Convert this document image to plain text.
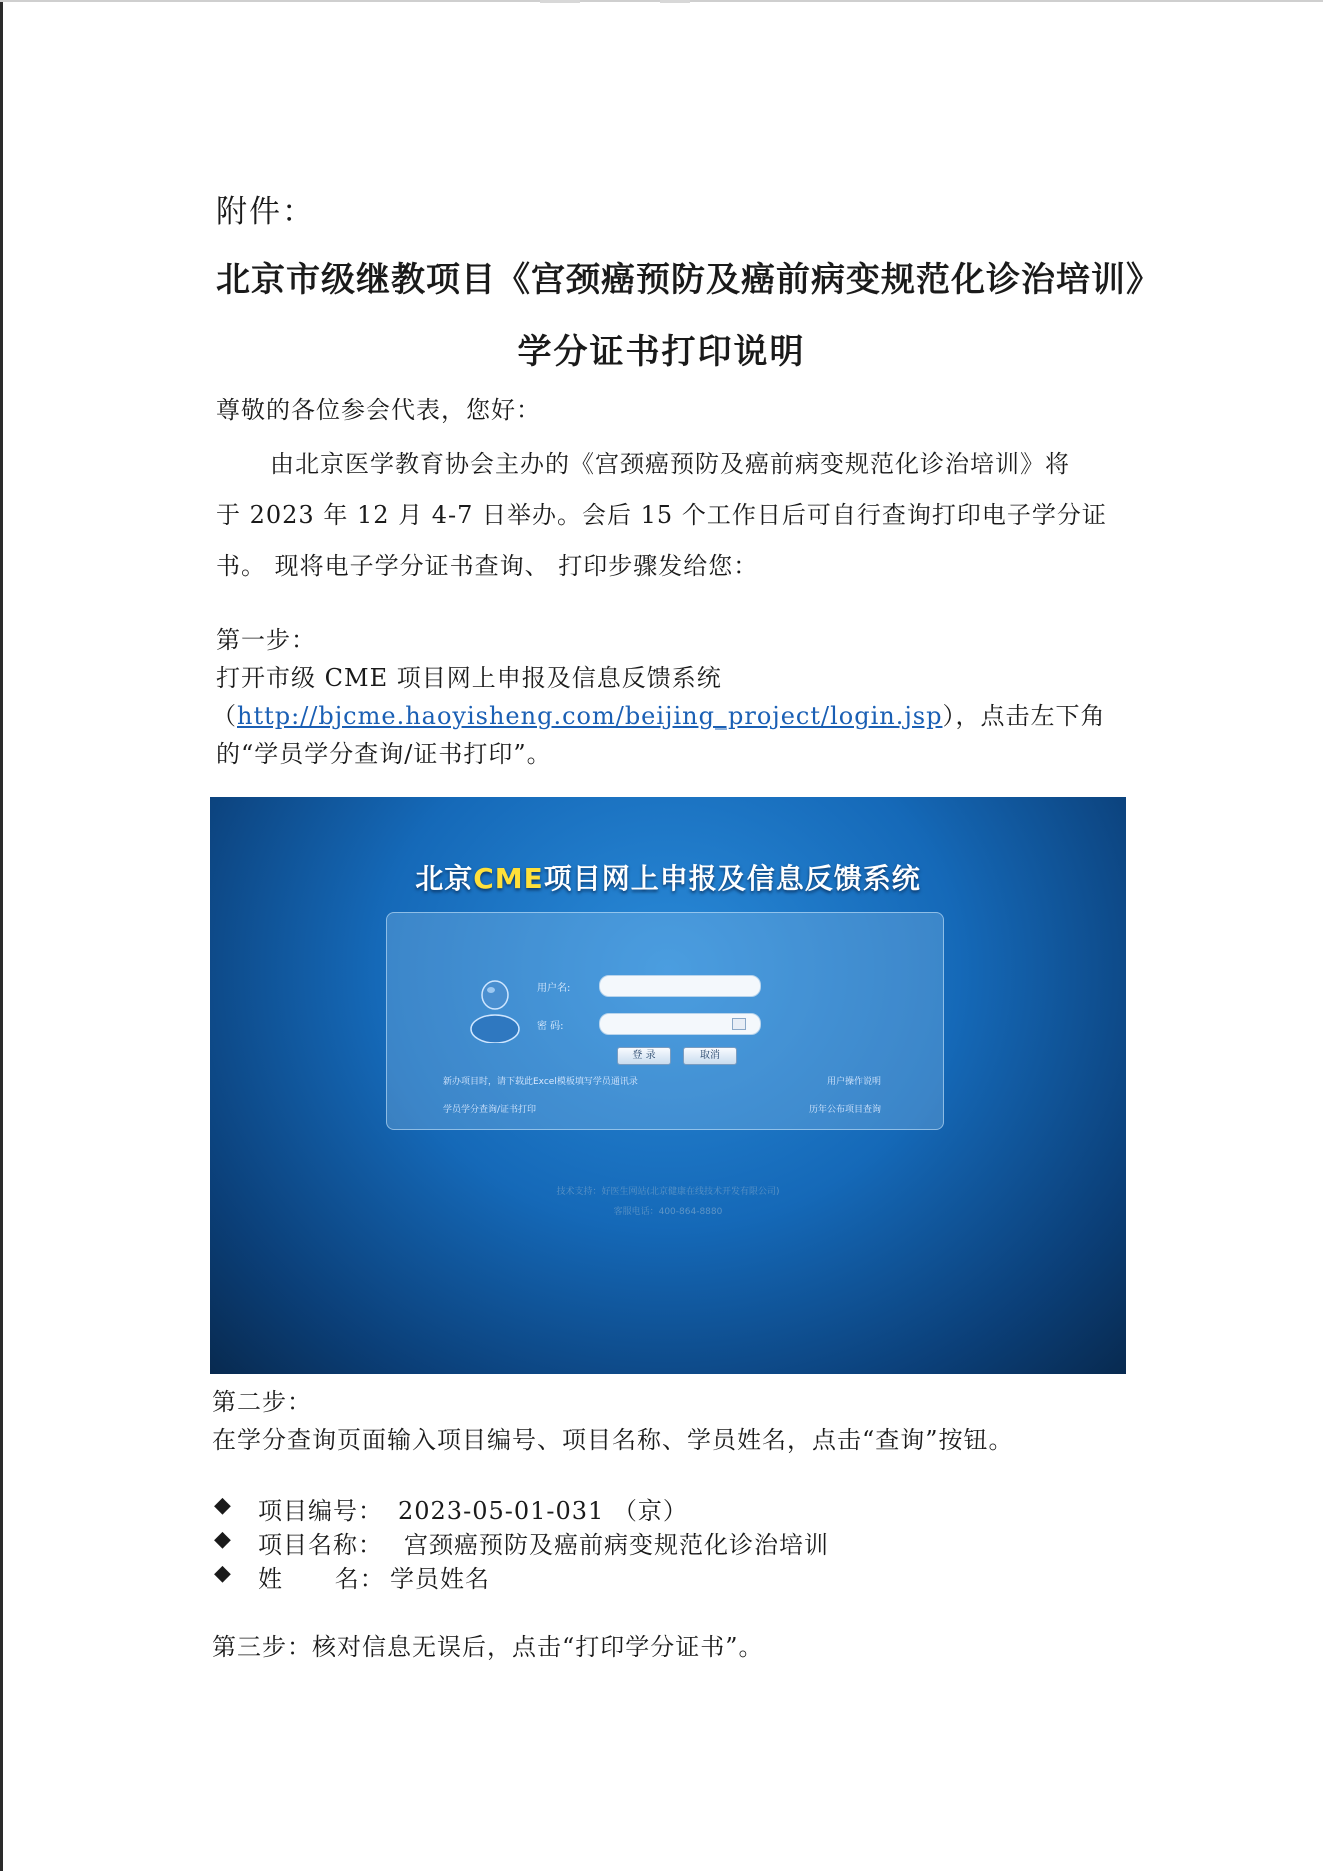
附件：
北京市级继教项目《宫颈癌预防及癌前病变规范化诊治培训》
学分证书打印说明
尊敬的各位参会代表，您好：
由北京医学教育协会主办的《宫颈癌预防及癌前病变规范化诊治培训》将
于 2023 年 12 月 4-7 日举办。会后 15 个工作日后可自行查询打印电子学分证
书。 现将电子学分证书查询、 打印步骤发给您：
第一步：
打开市级 CME 项目网上申报及信息反馈系统
（http://bjcme.haoyisheng.com/beijing_project/login.jsp），点击左下角
的“学员学分查询/证书打印”。
北京CME项目网上申报及信息反馈系统
用户名:
密 码:
登 录	取消
新办项目时，请下载此Excel模板填写学员通讯录	用户操作说明
学员学分查询/证书打印	历年公布项目查询
技术支持：好医生网站(北京健康在线技术开发有限公司)
客服电话：400-864-8880
第二步：
在学分查询页面输入项目编号、项目名称、学员姓名，点击“查询”按钮。
◆ 项目编号： 2023-05-01-031 （京）
◆ 项目名称： 宫颈癌预防及癌前病变规范化诊治培训
◆ 姓      名： 学员姓名
第三步：核对信息无误后，点击“打印学分证书”。
